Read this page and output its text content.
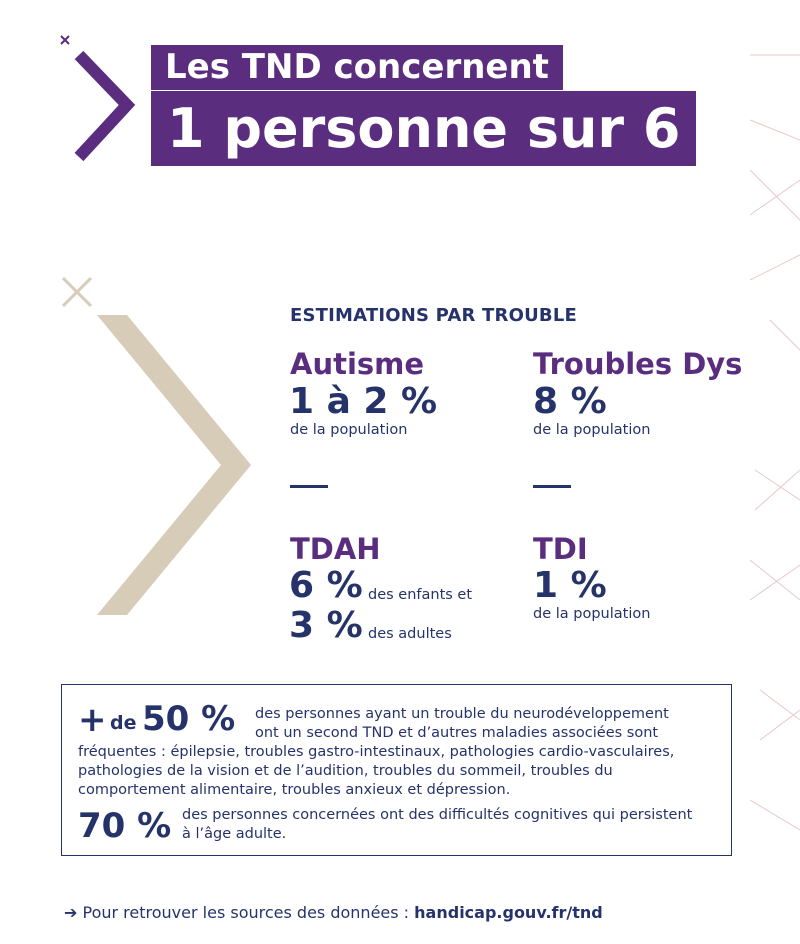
Les TND concernent
1 personne sur 6
ESTIMATIONS PAR TROUBLE
Autisme
1 à 2 %
de la population
Troubles Dys
8 %
de la population
TDAH
6 % des enfants et
3 % des adultes
TDI
1 %
de la population
+ de 50 % des personnes ayant un trouble du neurodéveloppement
ont un second TND et d’autres maladies associées sont
fréquentes : épilepsie, troubles gastro-intestinaux, pathologies cardio-vasculaires, pathologies de la vision et de l’audition, troubles du sommeil, troubles du comportement alimentaire, troubles anxieux et dépression.
70 % des personnes concernées ont des difficultés cognitives qui persistent
à l’âge adulte.
➔ Pour retrouver les sources des données : handicap.gouv.fr/tnd
